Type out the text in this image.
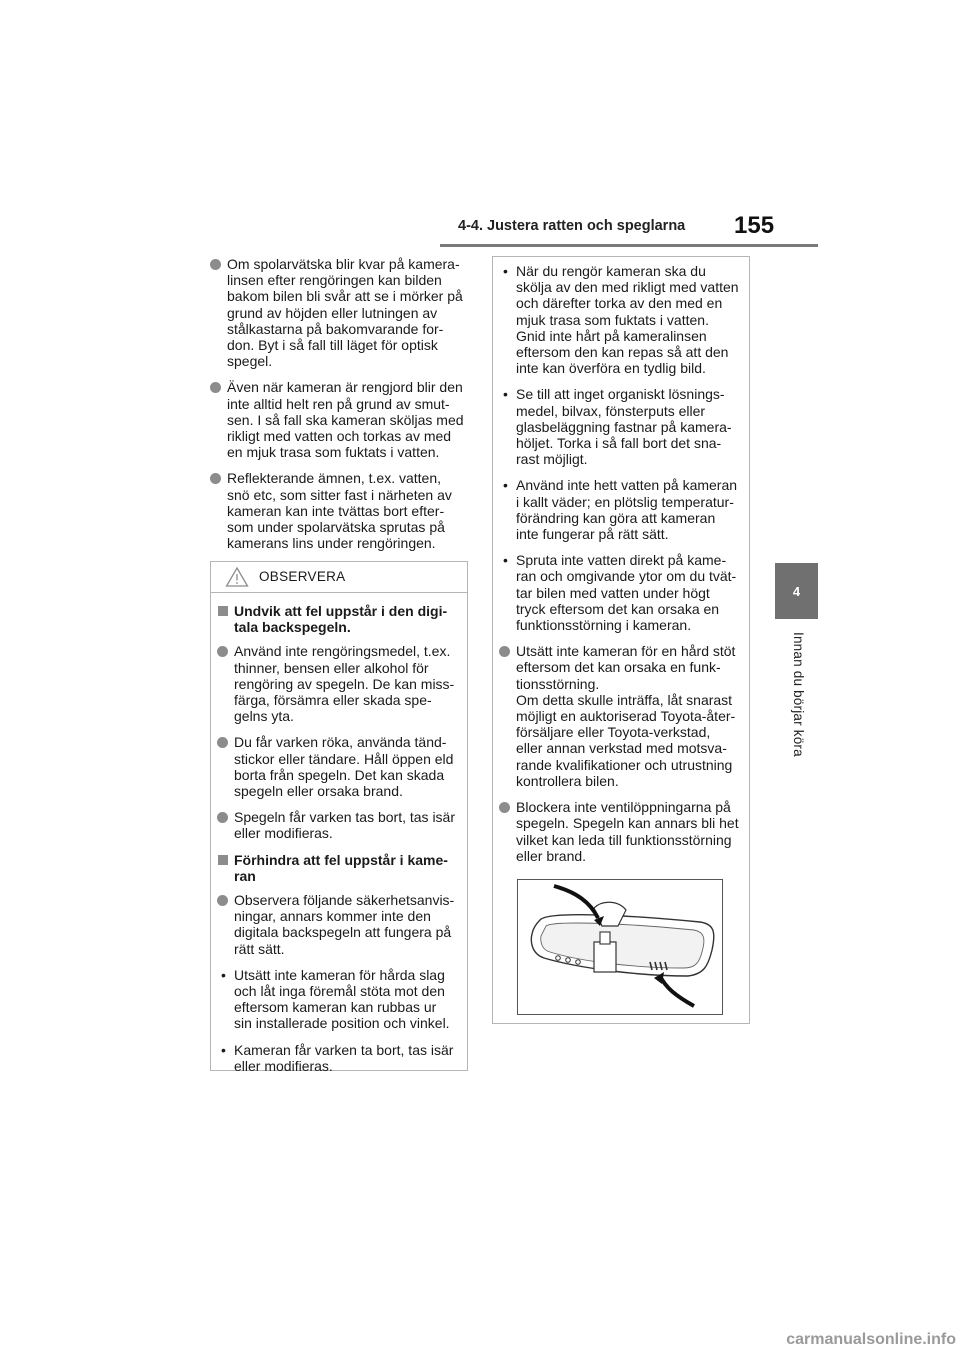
4-4. Justera ratten och speglarna	155
4
Innan du börjar köra
Om spolarvätska blir kvar på kamera-
linsen efter rengöringen kan bilden
bakom bilen bli svår att se i mörker på
grund av höjden eller lutningen av
stålkastarna på bakomvarande for-
don. Byt i så fall till läget för optisk
spegel.
Även när kameran är rengjord blir den
inte alltid helt ren på grund av smut-
sen. I så fall ska kameran sköljas med
rikligt med vatten och torkas av med
en mjuk trasa som fuktats i vatten.
Reflekterande ämnen, t.ex. vatten,
snö etc, som sitter fast i närheten av
kameran kan inte tvättas bort efter-
som under spolarvätska sprutas på
kamerans lins under rengöringen.
OBSERVERA
Undvik att fel uppstår i den digi-
tala backspegeln.
Använd inte rengöringsmedel, t.ex.
thinner, bensen eller alkohol för
rengöring av spegeln. De kan miss-
färga, försämra eller skada spe-
gelns yta.
Du får varken röka, använda tänd-
stickor eller tändare. Håll öppen eld
borta från spegeln. Det kan skada
spegeln eller orsaka brand.
Spegeln får varken tas bort, tas isär
eller modifieras.
Förhindra att fel uppstår i kame-
ran
Observera följande säkerhetsanvis-
ningar, annars kommer inte den
digitala backspegeln att fungera på
rätt sätt.
• Utsätt inte kameran för hårda slag
och låt inga föremål stöta mot den
eftersom kameran kan rubbas ur
sin installerade position och vinkel.
• Kameran får varken ta bort, tas isär
eller modifieras.
• När du rengör kameran ska du
skölja av den med rikligt med vatten
och därefter torka av den med en
mjuk trasa som fuktats i vatten.
Gnid inte hårt på kameralinsen
eftersom den kan repas så att den
inte kan överföra en tydlig bild.
• Se till att inget organiskt lösnings-
medel, bilvax, fönsterputs eller
glasbeläggning fastnar på kamera-
höljet. Torka i så fall bort det sna-
rast möjligt.
• Använd inte hett vatten på kameran
i kallt väder; en plötslig temperatur-
förändring kan göra att kameran
inte fungerar på rätt sätt.
• Spruta inte vatten direkt på kame-
ran och omgivande ytor om du tvät-
tar bilen med vatten under högt
tryck eftersom det kan orsaka en
funktionsstörning i kameran.
Utsätt inte kameran för en hård stöt
eftersom det kan orsaka en funk-
tionsstörning.
Om detta skulle inträffa, låt snarast
möjligt en auktoriserad Toyota-åter-
försäljare eller Toyota-verkstad,
eller annan verkstad med motsva-
rande kvalifikationer och utrustning
kontrollera bilen.
Blockera inte ventilöppningarna på
spegeln. Spegeln kan annars bli het
vilket kan leda till funktionsstörning
eller brand.
carmanualsonline.info
